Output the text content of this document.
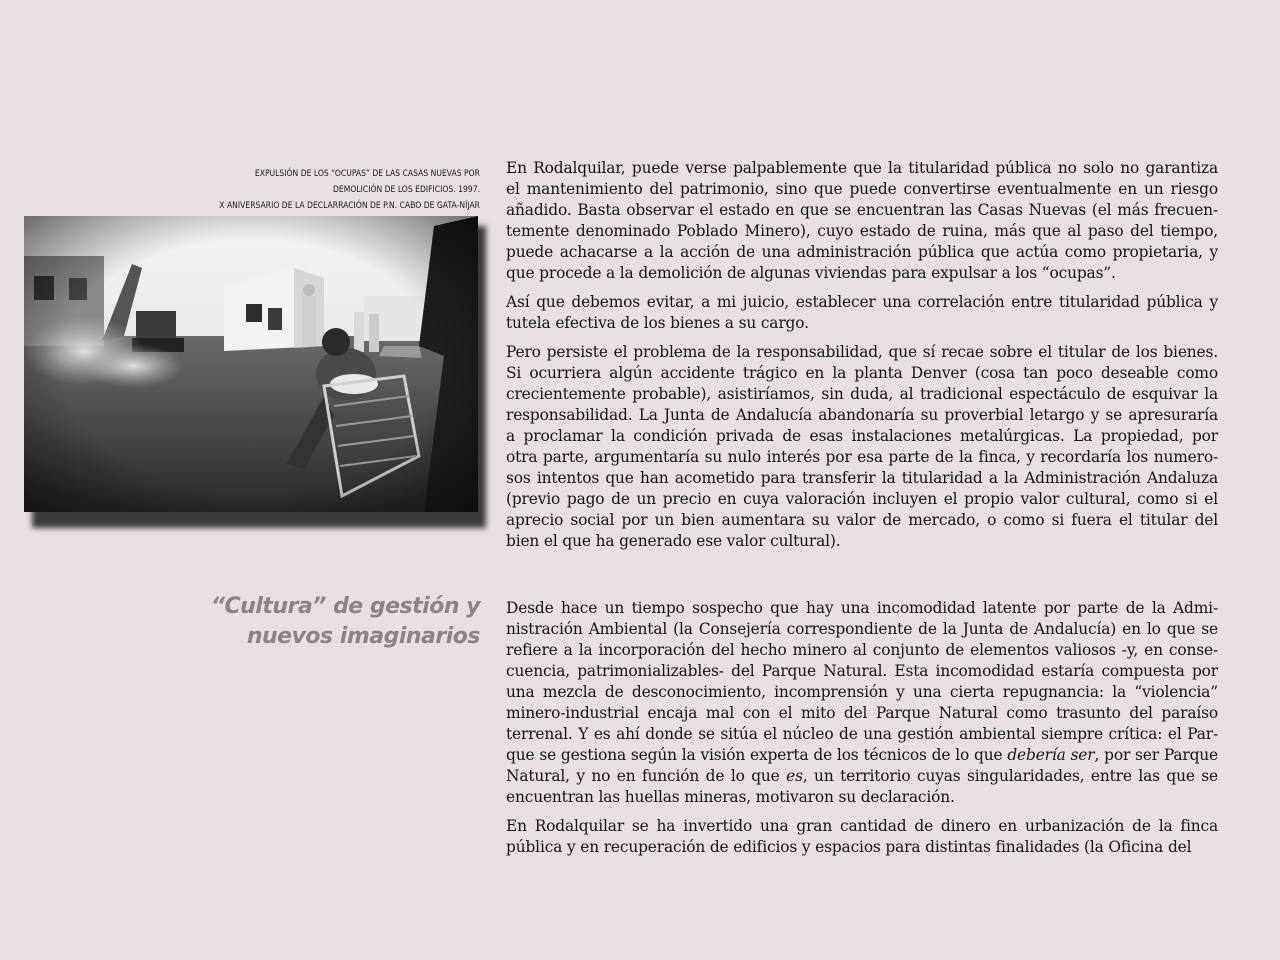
EXPULSIÓN DE LOS “OCUPAS” DE LAS CASAS NUEVAS POR
DEMOLICIÓN DE LOS EDIFICIOS. 1997.
X ANIVERSARIO DE LA DECLARRACIÓN DE P.N. CABO DE GATA-NÍJAR
“Cultura” de gestión y
nuevos imaginarios

En Rodalquilar, puede verse palpablemente que la titularidad pública no solo no garantiza
el mantenimiento del patrimonio, sino que puede convertirse eventualmente en un riesgo
añadido. Basta observar el estado en que se encuentran las Casas Nuevas (el más frecuen-
temente denominado Poblado Minero), cuyo estado de ruina, más que al paso del tiempo,
puede achacarse a la acción de una administración pública que actúa como propietaria, y
que procede a la demolición de algunas viviendas para expulsar a los “ocupas”.

Así que debemos evitar, a mi juicio, establecer una correlación entre titularidad pública y
tutela efectiva de los bienes a su cargo.

Pero persiste el problema de la responsabilidad, que sí recae sobre el titular de los bienes.
Si ocurriera algún accidente trágico en la planta Denver (cosa tan poco deseable como
crecientemente probable), asistiríamos, sin duda, al tradicional espectáculo de esquivar la
responsabilidad. La Junta de Andalucía abandonaría su proverbial letargo y se apresuraría
a proclamar la condición privada de esas instalaciones metalúrgicas. La propiedad, por
otra parte, argumentaría su nulo interés por esa parte de la finca, y recordaría los numero-
sos intentos que han acometido para transferir la titularidad a la Administración Andaluza
(previo pago de un precio en cuya valoración incluyen el propio valor cultural, como si el
aprecio social por un bien aumentara su valor de mercado, o como si fuera el titular del
bien el que ha generado ese valor cultural).

Desde hace un tiempo sospecho que hay una incomodidad latente por parte de la Admi-
nistración Ambiental (la Consejería correspondiente de la Junta de Andalucía) en lo que se
refiere a la incorporación del hecho minero al conjunto de elementos valiosos -y, en conse-
cuencia, patrimonializables- del Parque Natural. Esta incomodidad estaría compuesta por
una mezcla de desconocimiento, incomprensión y una cierta repugnancia: la “violencia”
minero-industrial encaja mal con el mito del Parque Natural como trasunto del paraíso
terrenal. Y es ahí donde se sitúa el núcleo de una gestión ambiental siempre crítica: el Par-
que se gestiona según la visión experta de los técnicos de lo que debería ser, por ser Parque
Natural, y no en función de lo que es, un territorio cuyas singularidades, entre las que se
encuentran las huellas mineras, motivaron su declaración.

En Rodalquilar se ha invertido una gran cantidad de dinero en urbanización de la finca
pública y en recuperación de edificios y espacios para distintas finalidades (la Oficina del
